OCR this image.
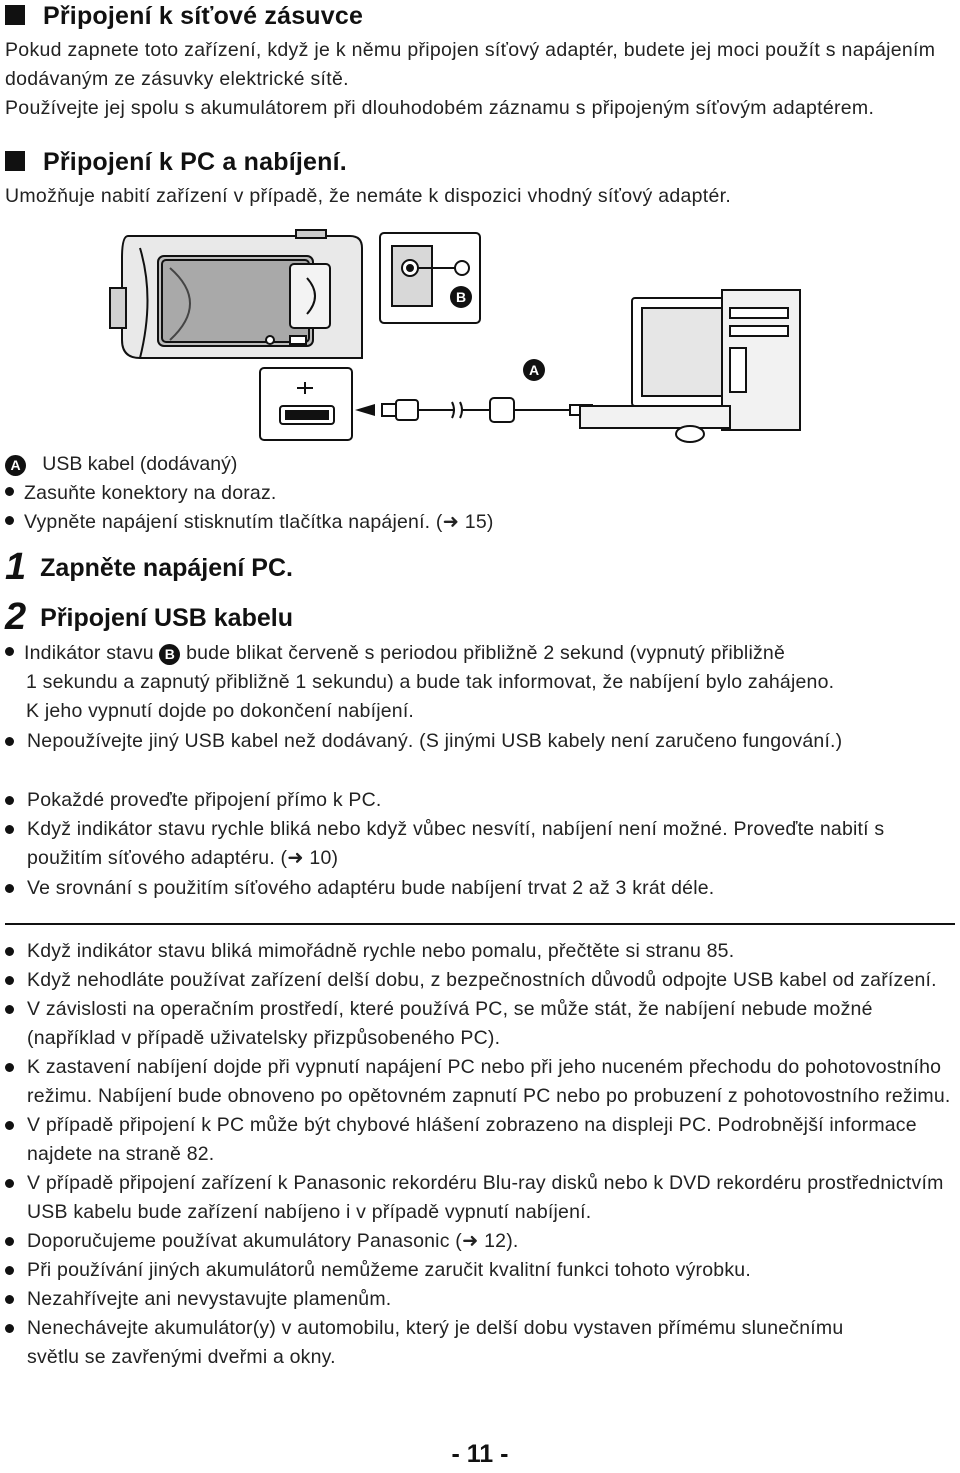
Připojení k síťové zásuvce
Pokud zapnete toto zařízení, když je k němu připojen síťový adaptér, budete jej moci použít s napájením dodávaným ze zásuvky elektrické sítě.
Používejte jej spolu s akumulátorem při dlouhodobém záznamu s připojeným síťovým adaptérem.
Připojení k PC a nabíjení.
Umožňuje nabití zařízení v případě, že nemáte k dispozici vhodný síťový adaptér.
B
A
A USB kabel (dodávaný)
Zasuňte konektory na doraz.
Vypněte napájení stisknutím tlačítka napájení. (➜ 15)
1 Zapněte napájení PC.
2 Připojení USB kabelu
Indikátor stavu B bude blikat červeně s periodou přibližně 2 sekund (vypnutý přibližně
1 sekundu a zapnutý přibližně 1 sekundu) a bude tak informovat, že nabíjení bylo zahájeno.
K jeho vypnutí dojde po dokončení nabíjení.
Nepoužívejte jiný USB kabel než dodávaný. (S jinými USB kabely není zaručeno fungování.)
Pokaždé proveďte připojení přímo k PC.
Když indikátor stavu rychle bliká nebo když vůbec nesvítí, nabíjení není možné. Proveďte nabití s použitím síťového adaptéru. (➜ 10)
Ve srovnání s použitím síťového adaptéru bude nabíjení trvat 2 až 3 krát déle.
Když indikátor stavu bliká mimořádně rychle nebo pomalu, přečtěte si stranu 85.
Když nehodláte používat zařízení delší dobu, z bezpečnostních důvodů odpojte USB kabel od zařízení.
V závislosti na operačním prostředí, které používá PC, se může stát, že nabíjení nebude možné (například v případě uživatelsky přizpůsobeného PC).
K zastavení nabíjení dojde při vypnutí napájení PC nebo při jeho nuceném přechodu do pohotovostního režimu. Nabíjení bude obnoveno po opětovném zapnutí PC nebo po probuzení z pohotovostního režimu.
V případě připojení k PC může být chybové hlášení zobrazeno na displeji PC. Podrobnější informace najdete na straně 82.
V případě připojení zařízení k Panasonic rekordéru Blu-ray disků nebo k DVD rekordéru prostřednictvím USB kabelu bude zařízení nabíjeno i v případě vypnutí nabíjení.
Doporučujeme používat akumulátory Panasonic (➜ 12).
Při používání jiných akumulátorů nemůžeme zaručit kvalitní funkci tohoto výrobku.
Nezahřívejte ani nevystavujte plamenům.
Nenechávejte akumulátor(y) v automobilu, který je delší dobu vystaven přímému slunečnímu světlu se zavřenými dveřmi a okny.
- 11 -
